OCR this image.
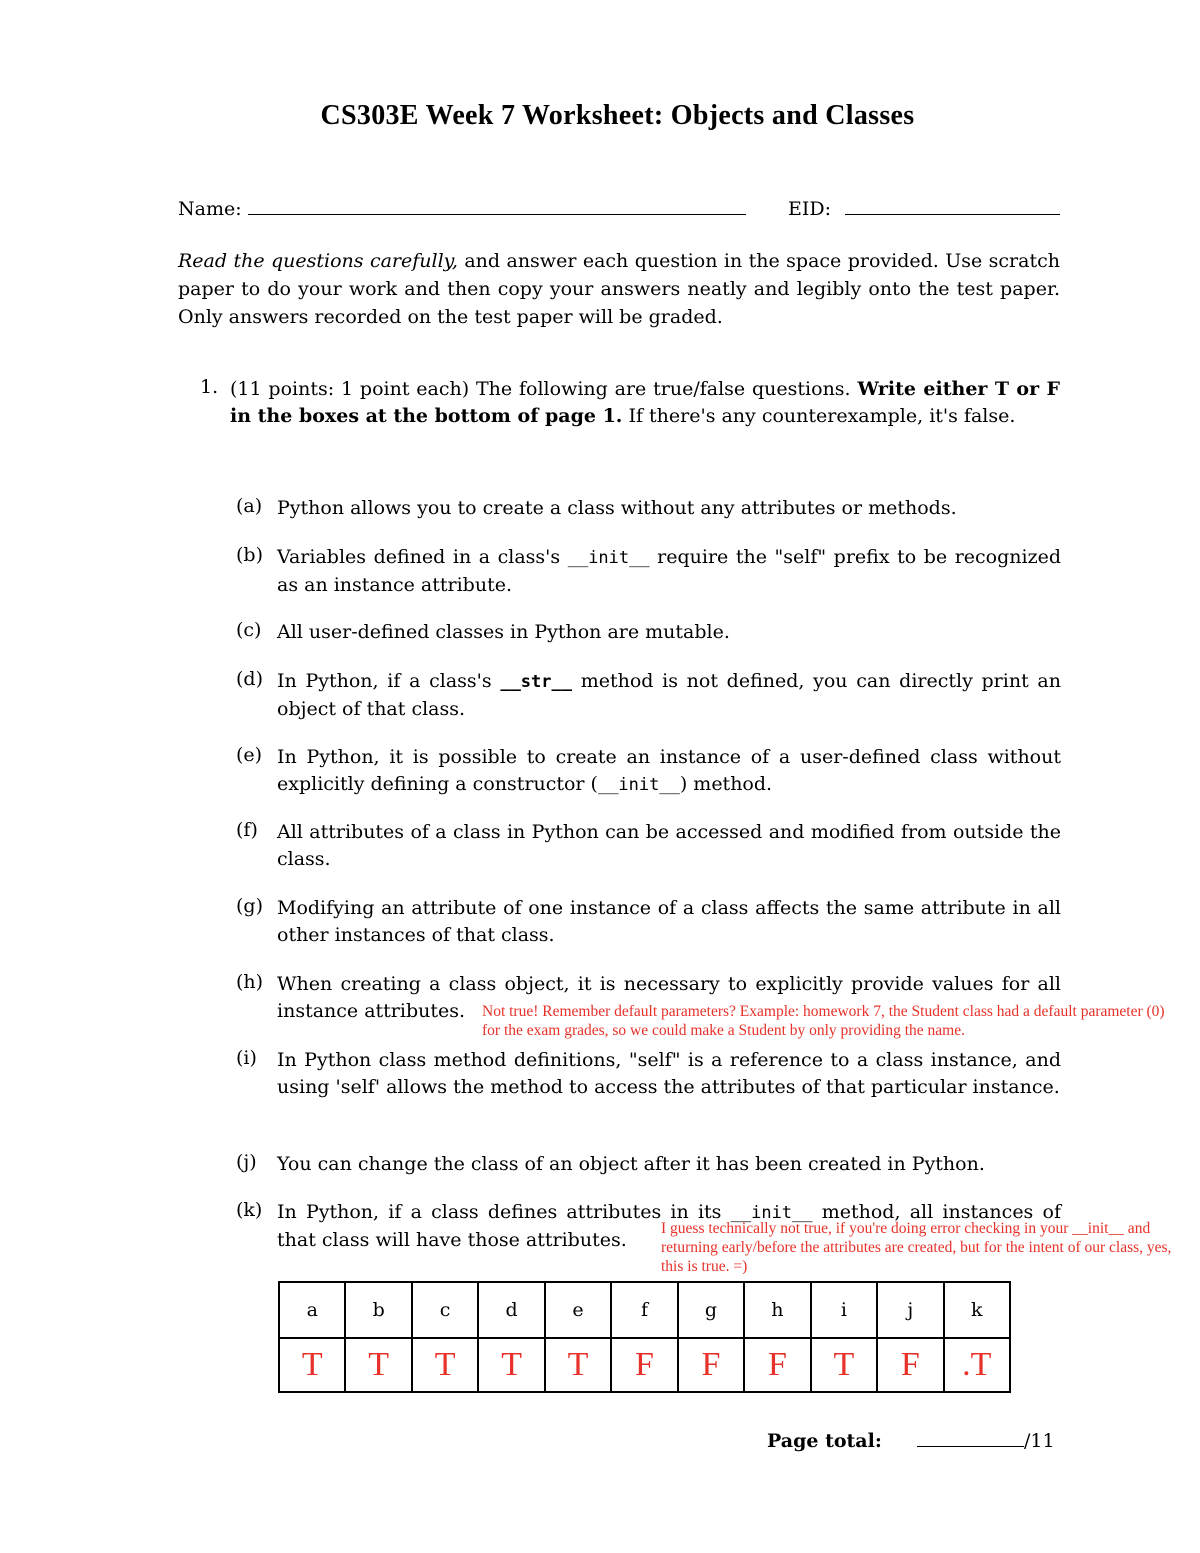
CS303E Week 7 Worksheet: Objects and Classes
Name:	EID:
Read the questions carefully, and answer each question in the space provided. Use scratch paper to do your work and then copy your answers neatly and legibly onto the test paper. Only answers recorded on the test paper will be graded.
1. (11 points: 1 point each) The following are true/false questions. Write either T or F in the boxes at the bottom of page 1. If there's any counterexample, it's false.
(a) Python allows you to create a class without any attributes or methods.
(b) Variables defined in a class's __init__ require the "self" prefix to be recognized as an instance attribute.
(c) All user-defined classes in Python are mutable.
(d) In Python, if a class's __str__ method is not defined, you can directly print an object of that class.
(e) In Python, it is possible to create an instance of a user-defined class without explicitly defining a constructor (__init__) method.
(f) All attributes of a class in Python can be accessed and modified from outside the class.
(g) Modifying an attribute of one instance of a class affects the same attribute in all other instances of that class.
(h) When creating a class object, it is necessary to explicitly provide values for all instance attributes.	Not true! Remember default parameters? Example: homework 7, the Student class had a default parameter (0) for the exam grades, so we could make a Student by only providing the name.
(i) In Python class method definitions, "self" is a reference to a class instance, and using 'self' allows the method to access the attributes of that particular instance.
(j) You can change the class of an object after it has been created in Python.
(k) In Python, if a class defines attributes in its __init__ method, all instances of that class will have those attributes.
I guess technically not true, if you're doing error checking in your __init__ and returning early/before the attributes are created, but for the intent of our class, yes, this is true. =)
a	b	c	d	e	f	g	h	i	j	k
T	T	T	T	T	F	F	F	T	F	.T
Page total:	/11
